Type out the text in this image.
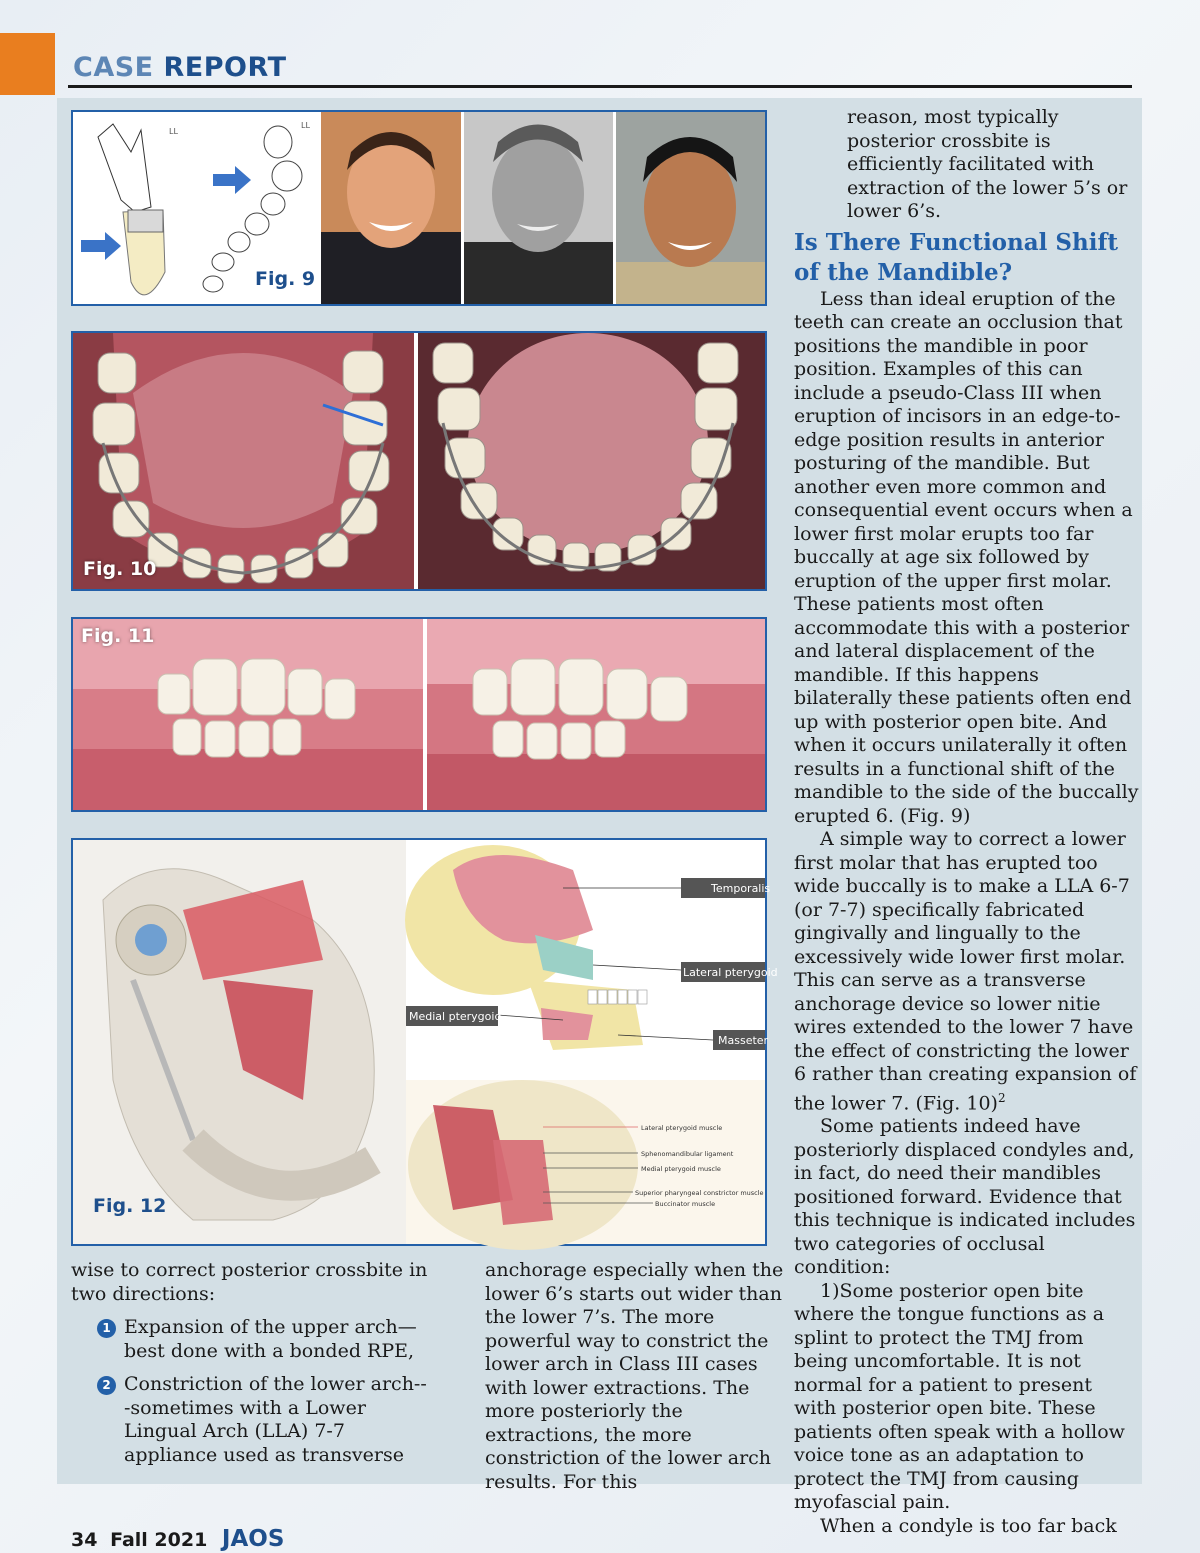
CASE REPORT
LL
LL
Fig. 9
Fig. 10
Fig. 11
Temporalis
Lateral pterygoid
Medial pterygoid
Masseter
Lateral pterygoid muscle
Sphenomandibular ligament
Medial pterygoid muscle
Superior pharyngeal constrictor muscle
Buccinator muscle
Fig. 12

reason, most typically posterior crossbite is efficiently facilitated with extraction of the lower 5’s or lower 6’s.

Is There Functional Shift of the Mandible?

Less than ideal eruption of the teeth can create an occlusion that positions the mandible in poor position. Examples of this can include a pseudo-Class III when eruption of incisors in an edge-to-edge position results in anterior posturing of the mandible. But another even more common and consequential event occurs when a lower first molar erupts too far buccally at age six followed by eruption of the upper first molar. These patients most often accommodate this with a posterior and lateral displacement of the mandible. If this happens bilaterally these patients often end up with posterior open bite. And when it occurs unilaterally it often results in a functional shift of the mandible to the side of the buccally erupted 6. (Fig. 9)

A simple way to correct a lower first molar that has erupted too wide buccally is to make a LLA 6-7 (or 7-7) specifically fabricated gingivally and lingually to the excessively wide lower first molar. This can serve as a transverse anchorage device so lower nitie wires extended to the lower 7 have the effect of constricting the lower 6 rather than creating expansion of the lower 7. (Fig. 10)$^2$

Some patients indeed have posteriorly displaced condyles and, in fact, do need their mandibles positioned forward. Evidence that this technique is indicated includes two categories of occlusal condition:

1)Some posterior open bite where the tongue functions as a splint to protect the TMJ from being uncomfortable. It is not normal for a patient to present with posterior open bite. These patients often speak with a hollow voice tone as an adaptation to protect the TMJ from causing myofascial pain.

When a condyle is too far back

wise to correct posterior crossbite in two directions:

1 Expansion of the upper arch—best done with a bonded RPE,
2 Constriction of the lower arch---sometimes with a Lower Lingual Arch (LLA) 7-7 appliance used as transverse

anchorage especially when the lower 6’s starts out wider than the lower 7’s. The more powerful way to constrict the lower arch in Class III cases with lower extractions. The more posteriorly the extractions, the more constriction of the lower arch results. For this

34 Fall 2021 JAOS
